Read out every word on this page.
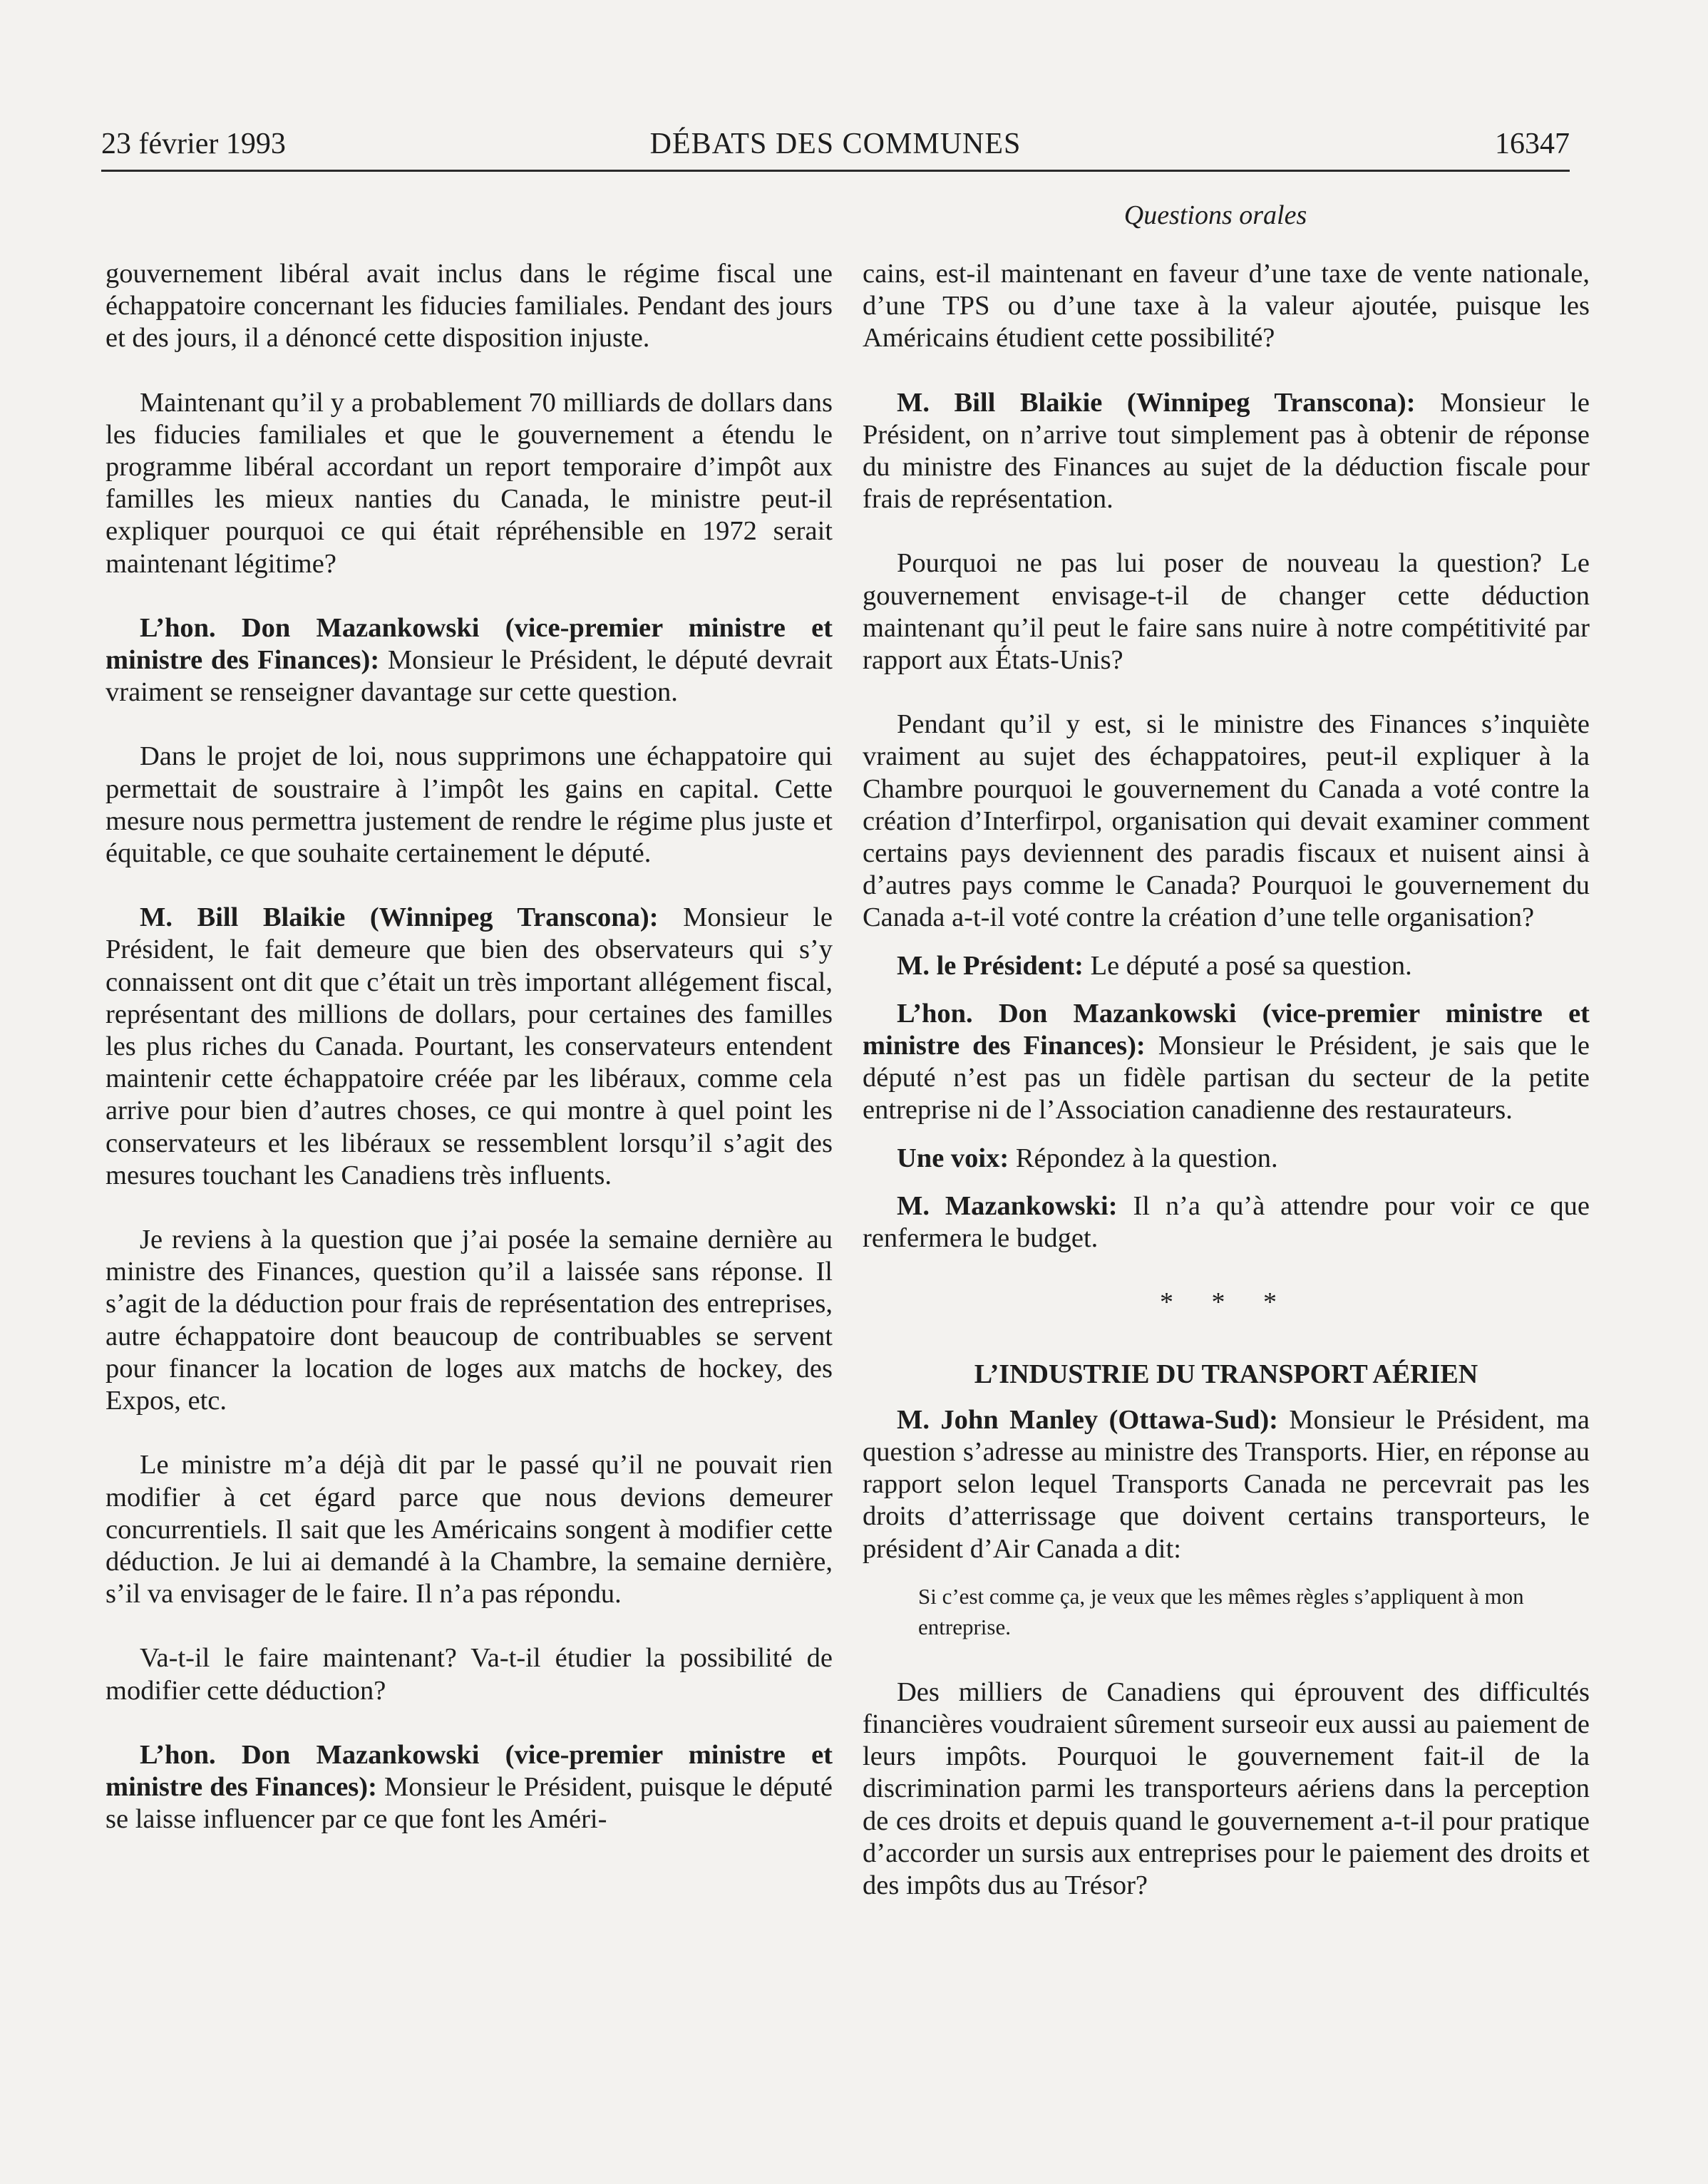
23 février 1993	DÉBATS DES COMMUNES	16347
Questions orales

gouvernement libéral avait inclus dans le régime fiscal une échappatoire concernant les fiducies familiales. Pendant des jours et des jours, il a dénoncé cette disposition injuste.

Maintenant qu’il y a probablement 70 milliards de dollars dans les fiducies familiales et que le gouvernement a étendu le programme libéral accordant un report temporaire d’impôt aux familles les mieux nanties du Canada, le ministre peut-il expliquer pourquoi ce qui était répréhensible en 1972 serait maintenant légitime?

L’hon. Don Mazankowski (vice-premier ministre et ministre des Finances): Monsieur le Président, le député devrait vraiment se renseigner davantage sur cette question.

Dans le projet de loi, nous supprimons une échappatoire qui permettait de soustraire à l’impôt les gains en capital. Cette mesure nous permettra justement de rendre le régime plus juste et équitable, ce que souhaite certainement le député.

M. Bill Blaikie (Winnipeg Transcona): Monsieur le Président, le fait demeure que bien des observateurs qui s’y connaissent ont dit que c’était un très important allégement fiscal, représentant des millions de dollars, pour certaines des familles les plus riches du Canada. Pourtant, les conservateurs entendent maintenir cette échappatoire créée par les libéraux, comme cela arrive pour bien d’autres choses, ce qui montre à quel point les conservateurs et les libéraux se ressemblent lorsqu’il s’agit des mesures touchant les Canadiens très influents.

Je reviens à la question que j’ai posée la semaine dernière au ministre des Finances, question qu’il a laissée sans réponse. Il s’agit de la déduction pour frais de représentation des entreprises, autre échappatoire dont beaucoup de contribuables se servent pour financer la location de loges aux matchs de hockey, des Expos, etc.

Le ministre m’a déjà dit par le passé qu’il ne pouvait rien modifier à cet égard parce que nous devions demeurer concurrentiels. Il sait que les Américains songent à modifier cette déduction. Je lui ai demandé à la Chambre, la semaine dernière, s’il va envisager de le faire. Il n’a pas répondu.

Va-t-il le faire maintenant? Va-t-il étudier la possibilité de modifier cette déduction?

L’hon. Don Mazankowski (vice-premier ministre et ministre des Finances): Monsieur le Président, puisque le député se laisse influencer par ce que font les Améri-

cains, est-il maintenant en faveur d’une taxe de vente nationale, d’une TPS ou d’une taxe à la valeur ajoutée, puisque les Américains étudient cette possibilité?

M. Bill Blaikie (Winnipeg Transcona): Monsieur le Président, on n’arrive tout simplement pas à obtenir de réponse du ministre des Finances au sujet de la déduction fiscale pour frais de représentation.

Pourquoi ne pas lui poser de nouveau la question? Le gouvernement envisage-t-il de changer cette déduction maintenant qu’il peut le faire sans nuire à notre compétitivité par rapport aux États-Unis?

Pendant qu’il y est, si le ministre des Finances s’inquiète vraiment au sujet des échappatoires, peut-il expliquer à la Chambre pourquoi le gouvernement du Canada a voté contre la création d’Interfirpol, organisation qui devait examiner comment certains pays deviennent des paradis fiscaux et nuisent ainsi à d’autres pays comme le Canada? Pourquoi le gouvernement du Canada a-t-il voté contre la création d’une telle organisation?

M. le Président: Le député a posé sa question.

L’hon. Don Mazankowski (vice-premier ministre et ministre des Finances): Monsieur le Président, je sais que le député n’est pas un fidèle partisan du secteur de la petite entreprise ni de l’Association canadienne des restaurateurs.

Une voix: Répondez à la question.

M. Mazankowski: Il n’a qu’à attendre pour voir ce que renfermera le budget.

* * *
L’INDUSTRIE DU TRANSPORT AÉRIEN

M. John Manley (Ottawa-Sud): Monsieur le Président, ma question s’adresse au ministre des Transports. Hier, en réponse au rapport selon lequel Transports Canada ne percevrait pas les droits d’atterrissage que doivent certains transporteurs, le président d’Air Canada a dit:

Si c’est comme ça, je veux que les mêmes règles s’appliquent à mon entreprise.

Des milliers de Canadiens qui éprouvent des difficultés financières voudraient sûrement surseoir eux aussi au paiement de leurs impôts. Pourquoi le gouvernement fait-il de la discrimination parmi les transporteurs aériens dans la perception de ces droits et depuis quand le gouvernement a-t-il pour pratique d’accorder un sursis aux entreprises pour le paiement des droits et des impôts dus au Trésor?
